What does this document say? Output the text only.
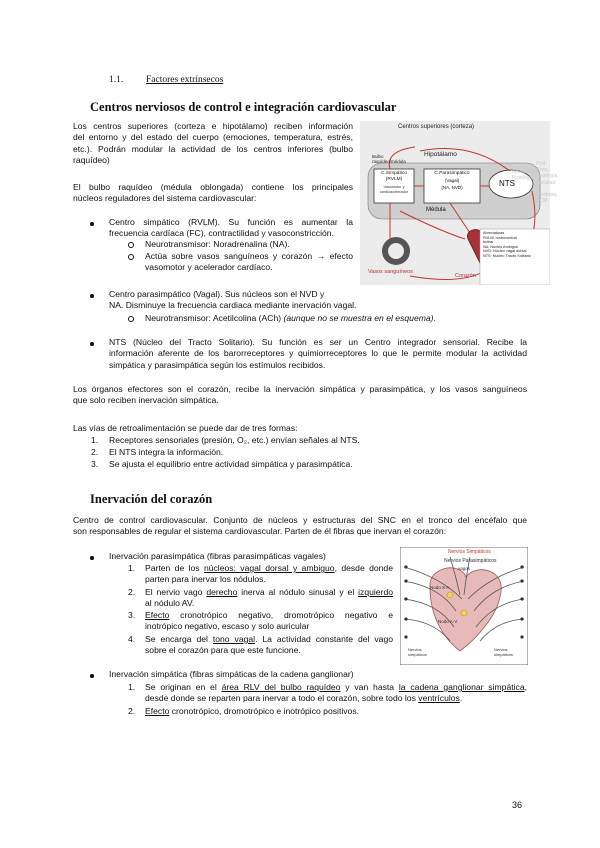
1.1. Factores extrínsecos
Centros nerviosos de control e integración cardiovascular
Los centros superiores (corteza e hipotálamo) reciben información
del entorno y del estado del cuerpo (emociones, temperatura, estrés,
etc.). Podrán modular la actividad de los centros inferiores (bulbo
raquídeo)
El bulbo raquídeo (médula oblongada) contiene los principales
núcleos reguladores del sistema cardiovascular:
Centro simpático (RVLM). Su función es aumentar la
frecuencia cardíaca (FC), contractilidad y vasoconstricción.
Neurotransmisor: Noradrenalina (NA).
Actúa sobre vasos sanguíneos y corazón → efecto
vasomotor y acelerador cardíaco.
Centro parasimpático (Vagal). Sus núcleos son el NVD y
NA. Disminuye la frecuencia cardiaca mediante inervación vagal.
Neurotransmisor: Acetilcolina (ACh) (aunque no se muestra en el esquema).
NTS (Núcleo del Tracto Solitario). Su función es ser un Centro integrador sensorial. Recibe la
información aferente de los barorreceptores y quimiorreceptores lo que le permite modular la actividad
simpática y parasimpática según los estímulos recibidos.
Los órganos efectores son el corazón, recibe la inervación simpática y parasimpática, y los vasos sanguíneos
que solo reciben inervación simpática.
Las vías de retroalimentación se puede dar de tres formas:
1. Receptores sensoriales (presión, O₂, etc.) envían señales al NTS.
2. El NTS integra la información.
3. Se ajusta el equilibrio entre actividad simpática y parasimpática.
Inervación del corazón
Centro de control cardiovascular. Conjunto de núcleos y estructuras del SNC en el tronco del encéfalo que
son responsables de regular el sistema cardiovascular. Parten de él fibras que inervan el corazón:
Inervación parasimpática (fibras parasimpáticas vagales)
1. Parten de los núcleos: vagal dorsal y ambiguo, desde donde
parten para inervar los nódulos.
2. El nervio vago derecho inerva al nódulo sinusal y el izquierdo
al nódulo AV.
3. Efecto cronotrópico negativo, dromotrópico negativo e
inotrópico negativo, escaso y solo auricular
4. Se encarga del tono vagal. La actividad constante del vago
sobre el corazón para que este funcione.
Inervación simpática (fibras simpáticas de la cadena ganglionar)
1. Se originan en el área RLV del bulbo raquídeo y van hasta la cadena ganglionar simpática,
desde donde se reparten para inervar a todo el corazón, sobre todo los ventrículos.
2. Efecto cronotrópico, dromotrópico e inotrópico positivos.
Centros superiores (corteza)
Hipotálamo
Bulbo raquídeo/médula
C.Simpático (RVLM)
Vasomotor y cardioacelerador
C.Parasimpático
(Vagal)
(NA, NVD)	NTS
Médula
Vasos sanguíneos
Corazón
Apuntes de Fisiología
Prof. Pinto,
Fisiología
Facultad de
Medicina, UCM
Abreviaturas
RVLM: rostroventral
bulbar
NA: Núcleo Ambiguo
NVD: Núcleo vagal dorsal
NTS: Núcleo Tracto Solitario
Nervios Simpáticos
Nervios Parasimpáticos
vagos
Nodo S-A
Nodo A-V
Nervios simpáticos
Nervios simpáticos
36
